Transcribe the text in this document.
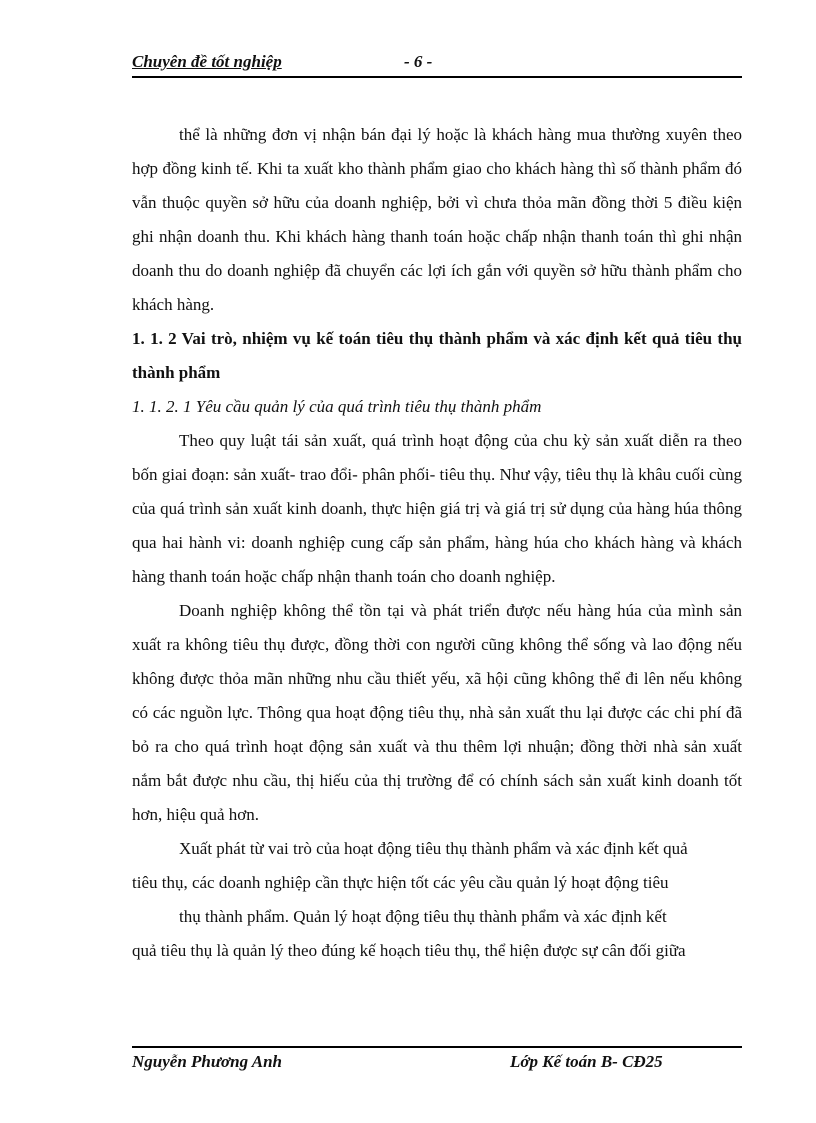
Chuyên đề tốt nghiệp	- 6 -

thể là những đơn vị nhận bán đại lý hoặc là khách hàng mua thường xuyên theo hợp đồng kinh tế. Khi ta xuất kho thành phẩm giao cho khách hàng thì số thành phẩm đó vẫn thuộc quyền sở hữu của doanh nghiệp, bởi vì chưa thỏa mãn đồng thời 5 điều kiện ghi nhận doanh thu. Khi khách hàng thanh toán hoặc chấp nhận thanh toán thì ghi nhận doanh thu do doanh nghiệp đã chuyển các lợi ích gắn với quyền sở hữu thành phẩm cho khách hàng.

1. 1. 2 Vai trò, nhiệm vụ kế toán tiêu thụ thành phẩm và xác định kết quả tiêu thụ thành phẩm

1. 1. 2. 1 Yêu cầu quản lý của quá trình tiêu thụ thành phẩm

Theo quy luật tái sản xuất, quá trình hoạt động của chu kỳ sản xuất diễn ra theo bốn giai đoạn: sản xuất- trao đổi- phân phối- tiêu thụ. Như vậy, tiêu thụ là khâu cuối cùng của quá trình sản xuất kinh doanh, thực hiện giá trị và giá trị sử dụng của hàng húa thông qua hai hành vi: doanh nghiệp cung cấp sản phẩm, hàng húa cho khách hàng và khách hàng thanh toán hoặc chấp nhận thanh toán cho doanh nghiệp.

Doanh nghiệp không thể tồn tại và phát triển được nếu hàng húa của mình sản xuất ra không tiêu thụ được, đồng thời con người cũng không thể sống và lao động nếu không được thỏa mãn những nhu cầu thiết yếu, xã hội cũng không thể đi lên nếu không có các nguồn lực. Thông qua hoạt động tiêu thụ, nhà sản xuất thu lại được các chi phí đã bỏ ra cho quá trình hoạt động sản xuất và thu thêm lợi nhuận; đồng thời nhà sản xuất nắm bắt được nhu cầu, thị hiếu của thị trường để có chính sách sản xuất kinh doanh tốt hơn, hiệu quả hơn.

Xuất phát từ vai trò của hoạt động tiêu thụ thành phẩm và xác định kết quả
tiêu thụ, các doanh nghiệp cần thực hiện tốt các yêu cầu quản lý hoạt động tiêu
thụ thành phẩm. Quản lý hoạt động tiêu thụ thành phẩm và xác định kết
quả tiêu thụ là quản lý theo đúng kế hoạch tiêu thụ, thể hiện được sự cân đối giữa

Nguyễn Phương Anh	Lớp Kế toán B- CĐ25
